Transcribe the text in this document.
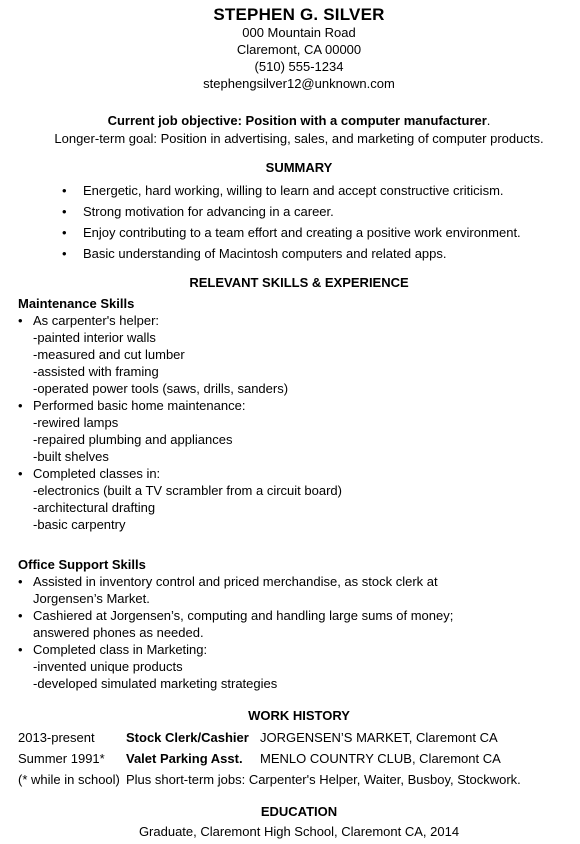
STEPHEN G. SILVER
000 Mountain Road
Claremont, CA 00000
(510) 555-1234
stephengsilver12@unknown.com
Current job objective: Position with a computer manufacturer.
Longer-term goal: Position in advertising, sales, and marketing of computer products.
SUMMARY
• Energetic, hard working, willing to learn and accept constructive criticism.
• Strong motivation for advancing in a career.
• Enjoy contributing to a team effort and creating a positive work environment.
• Basic understanding of Macintosh computers and related apps.
RELEVANT SKILLS & EXPERIENCE
Maintenance Skills
• As carpenter's helper:
-painted interior walls
-measured and cut lumber
-assisted with framing
-operated power tools (saws, drills, sanders)
• Performed basic home maintenance:
-rewired lamps
-repaired plumbing and appliances
-built shelves
• Completed classes in:
-electronics (built a TV scrambler from a circuit board)
-architectural drafting
-basic carpentry
Office Support Skills
• Assisted in inventory control and priced merchandise, as stock clerk at
Jorgensen’s Market.
• Cashiered at Jorgensen’s, computing and handling large sums of money;
answered phones as needed.
• Completed class in Marketing:
-invented unique products
-developed simulated marketing strategies
WORK HISTORY
2013-present Stock Clerk/Cashier JORGENSEN’S MARKET, Claremont CA
Summer 1991* Valet Parking Asst. MENLO COUNTRY CLUB, Claremont CA
(* while in school) Plus short-term jobs: Carpenter's Helper, Waiter, Busboy, Stockwork.
EDUCATION
Graduate, Claremont High School, Claremont CA, 2014
